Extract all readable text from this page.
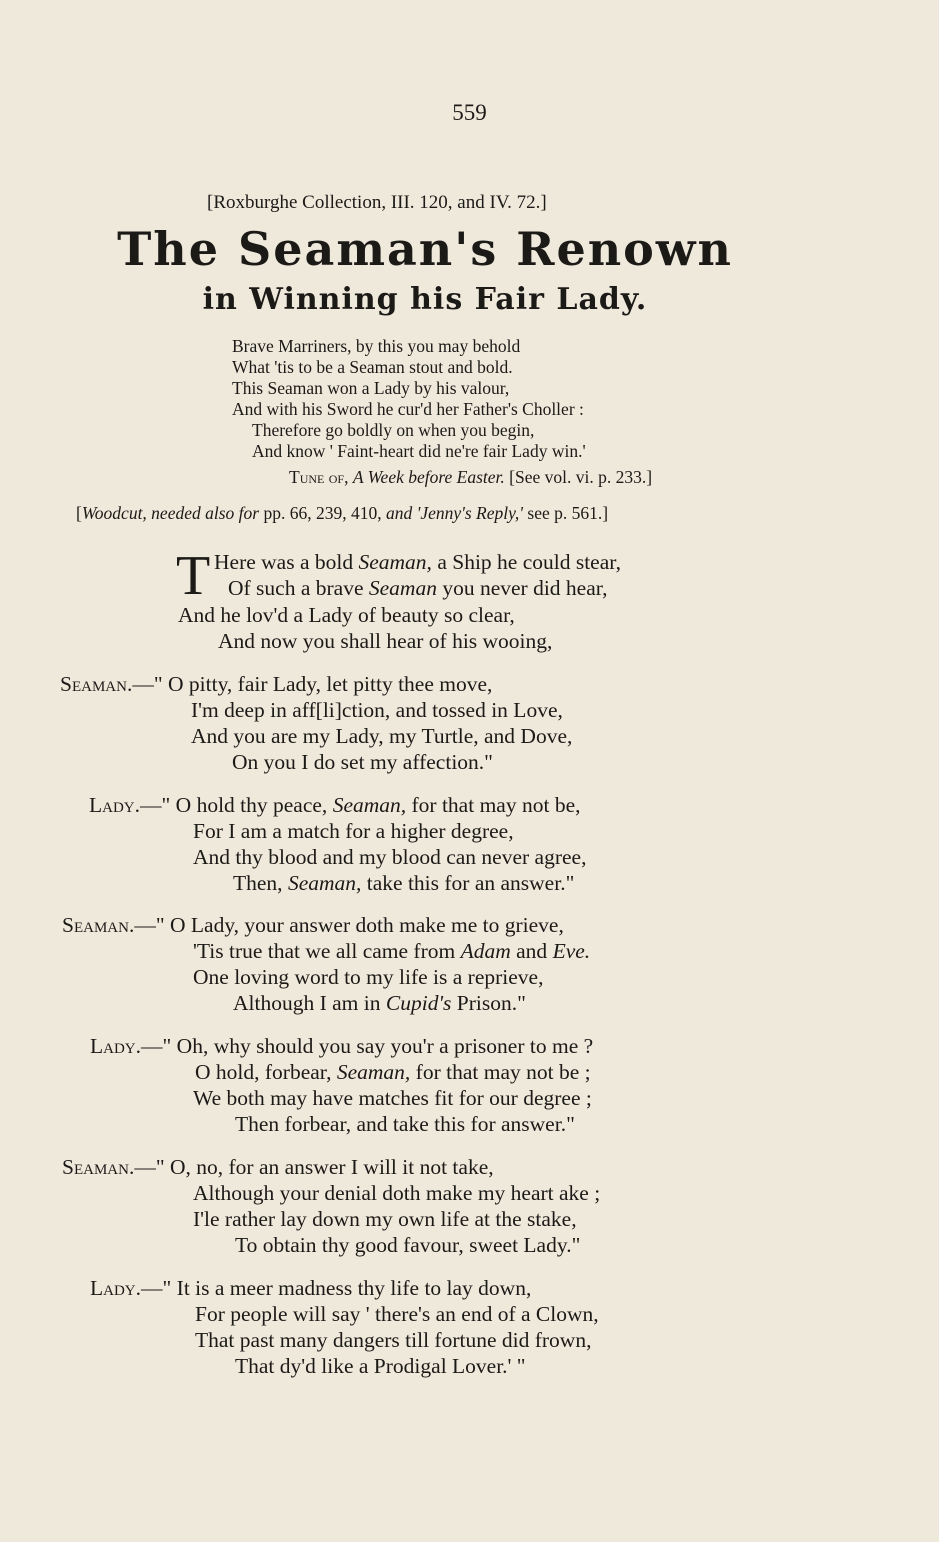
559
[Roxburghe Collection, III. 120, and IV. 72.]
The Seaman's Renown
in Winning his Fair Lady.
Brave Marriners, by this you may behold
What 'tis to be a Seaman stout and bold.
This Seaman won a Lady by his valour,
And with his Sword he cur'd her Father's Choller :
Therefore go boldly on when you begin,
And know ' Faint-heart did ne're fair Lady win.'
Tune of, A Week before Easter. [See vol. vi. p. 233.]
[Woodcut, needed also for pp. 66, 239, 410, and 'Jenny's Reply,' see p. 561.]
T Here was a bold Seaman, a Ship he could stear,
Of such a brave Seaman you never did hear,
And he lov'd a Lady of beauty so clear,
And now you shall hear of his wooing,
Seaman.—" O pitty, fair Lady, let pitty thee move,
I'm deep in aff[li]ction, and tossed in Love,
And you are my Lady, my Turtle, and Dove,
On you I do set my affection."
Lady.—" O hold thy peace, Seaman, for that may not be,
For I am a match for a higher degree,
And thy blood and my blood can never agree,
Then, Seaman, take this for an answer."
Seaman.—" O Lady, your answer doth make me to grieve,
'Tis true that we all came from Adam and Eve.
One loving word to my life is a reprieve,
Although I am in Cupid's Prison."
Lady.—" Oh, why should you say you'r a prisoner to me ?
O hold, forbear, Seaman, for that may not be ;
We both may have matches fit for our degree ;
Then forbear, and take this for answer."
Seaman.—" O, no, for an answer I will it not take,
Although your denial doth make my heart ake ;
I'le rather lay down my own life at the stake,
To obtain thy good favour, sweet Lady."
Lady.—" It is a meer madness thy life to lay down,
For people will say ' there's an end of a Clown,
That past many dangers till fortune did frown,
That dy'd like a Prodigal Lover.' "
